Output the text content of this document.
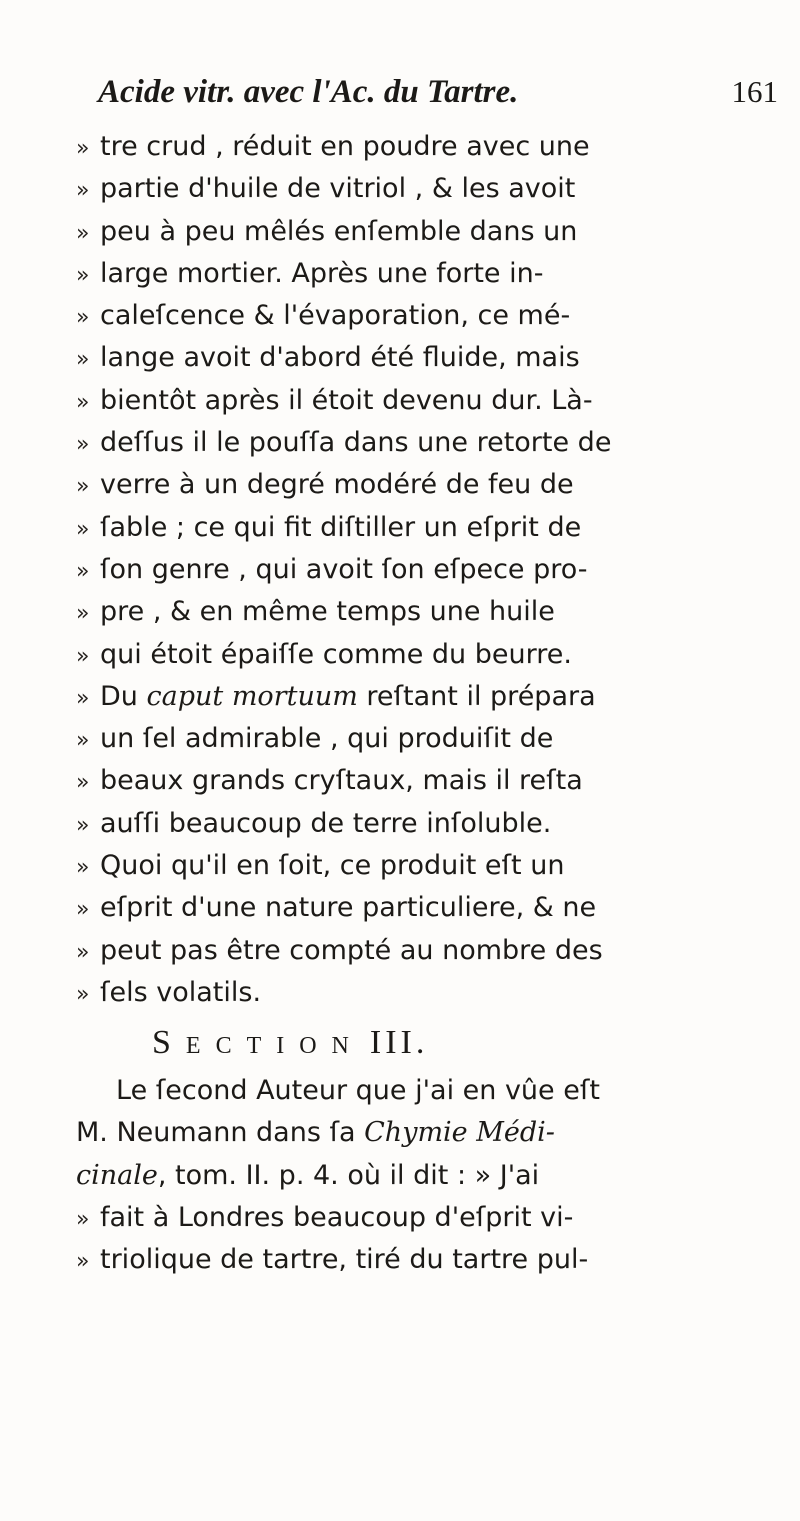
Acide vitr. avec l'Ac. du Tartre.	161
» tre crud , réduit en poudre avec une
» partie d'huile de vitriol , & les avoit
» peu à peu mêlés enſemble dans un
» large mortier. Après une forte in-
» caleſcence & l'évaporation, ce mé-
» lange avoit d'abord été fluide, mais
» bientôt après il étoit devenu dur. Là-
» deſſus il le pouſſa dans une retorte de
» verre à un degré modéré de feu de
» ſable ; ce qui fit diſtiller un eſprit de
» ſon genre , qui avoit ſon eſpece pro-
» pre , & en même temps une huile
» qui étoit épaiſſe comme du beurre.
» Du caput mortuum reſtant il prépara
» un ſel admirable , qui produiſit de
» beaux grands cryſtaux, mais il reſta
» auſſi beaucoup de terre inſoluble.
» Quoi qu'il en ſoit, ce produit eſt un
» eſprit d'une nature particuliere, & ne
» peut pas être compté au nombre des
» ſels volatils.
Section III.
Le ſecond Auteur que j'ai en vûe eſt
M. Neumann dans ſa Chymie Médi-
cinale, tom. II. p. 4. où il dit : » J'ai
» fait à Londres beaucoup d'eſprit vi-
» triolique de tartre, tiré du tartre pul-
